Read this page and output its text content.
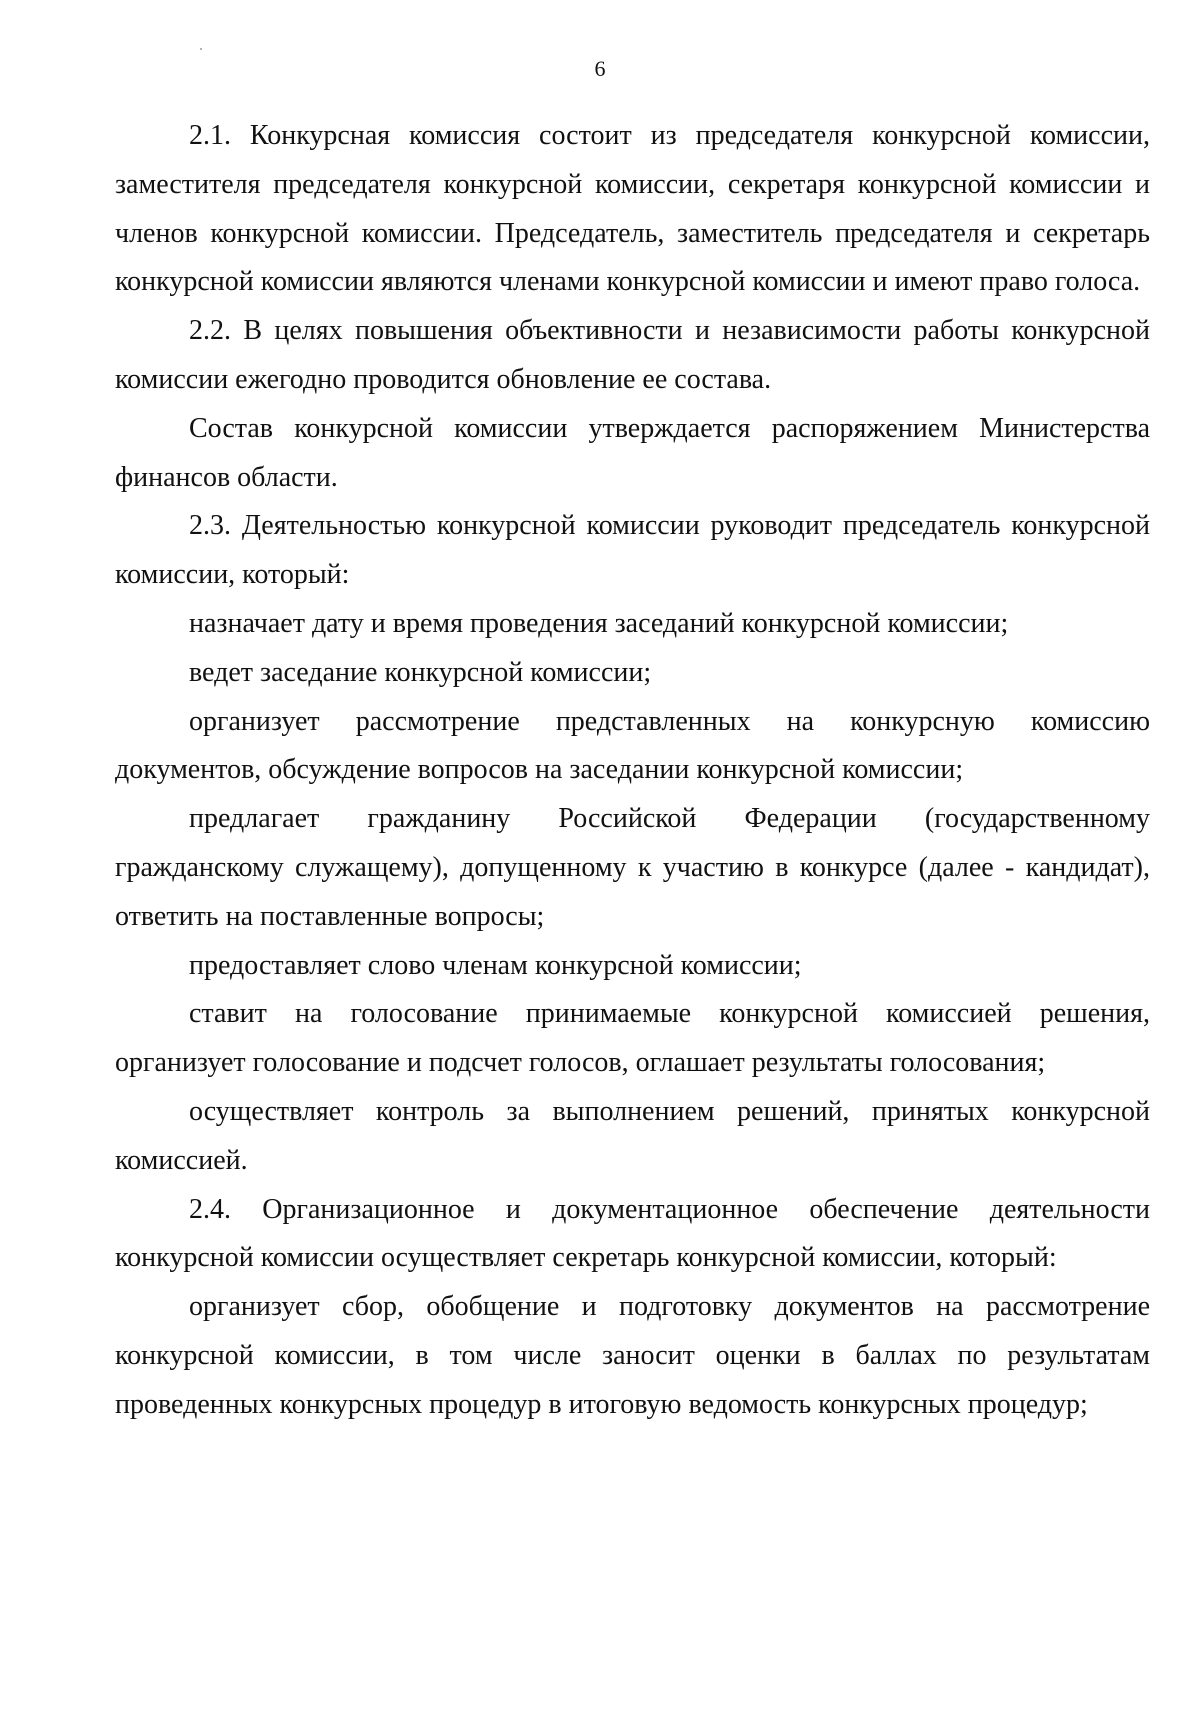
6

2.1. Конкурсная комиссия состоит из председателя конкурсной комиссии, заместителя председателя конкурсной комиссии, секретаря конкурсной комиссии и членов конкурсной комиссии. Председатель, заместитель председателя и секретарь конкурсной комиссии являются членами конкурсной комиссии и имеют право голоса.

2.2. В целях повышения объективности и независимости работы конкурсной комиссии ежегодно проводится обновление ее состава.

Состав конкурсной комиссии утверждается распоряжением Министерства финансов области.

2.3. Деятельностью конкурсной комиссии руководит председатель конкурсной комиссии, который:

назначает дату и время проведения заседаний конкурсной комиссии;

ведет заседание конкурсной комиссии;

организует рассмотрение представленных на конкурсную комиссию документов, обсуждение вопросов на заседании конкурсной комиссии;

предлагает гражданину Российской Федерации (государственному гражданскому служащему), допущенному к участию в конкурсе (далее - кандидат), ответить на поставленные вопросы;

предоставляет слово членам конкурсной комиссии;

ставит на голосование принимаемые конкурсной комиссией решения, организует голосование и подсчет голосов, оглашает результаты голосования;

осуществляет контроль за выполнением решений, принятых конкурсной комиссией.

2.4. Организационное и документационное обеспечение деятельности конкурсной комиссии осуществляет секретарь конкурсной комиссии, который:

организует сбор, обобщение и подготовку документов на рассмотрение конкурсной комиссии, в том числе заносит оценки в баллах по результатам проведенных конкурсных процедур в итоговую ведомость конкурсных процедур;
